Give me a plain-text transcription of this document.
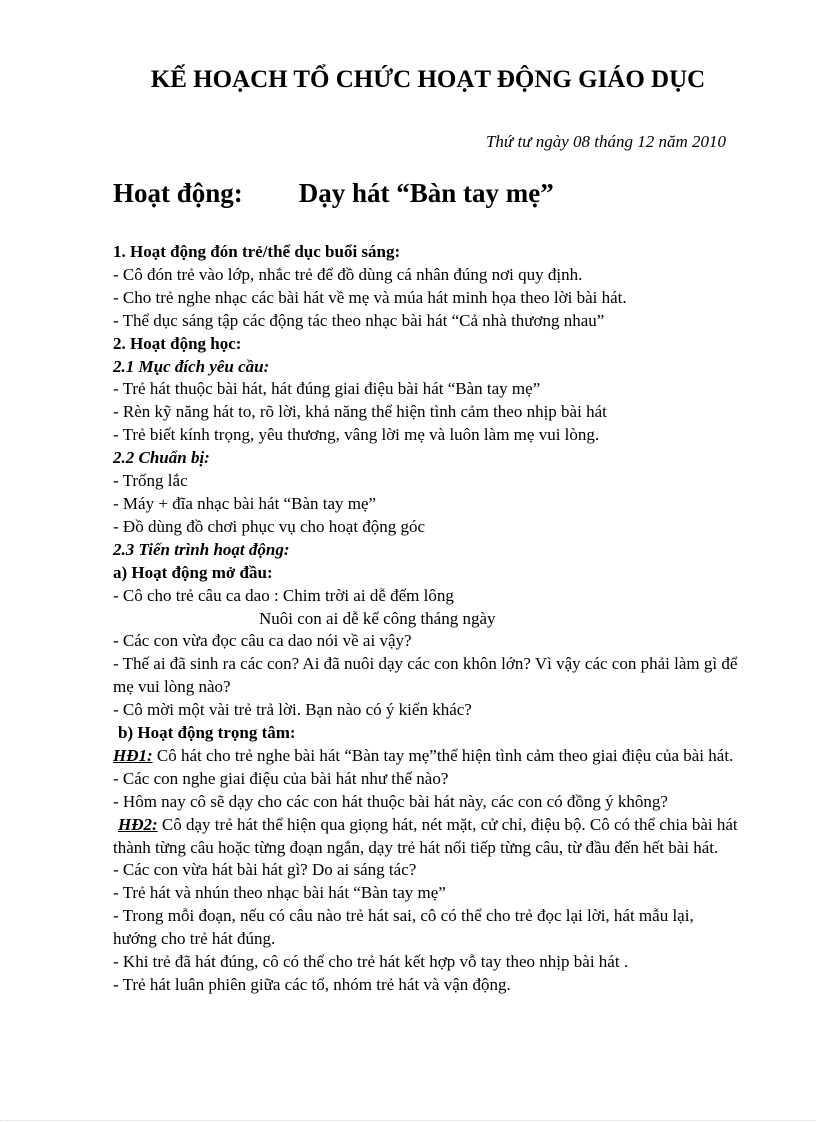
KẾ HOẠCH TỔ CHỨC HOẠT ĐỘNG GIÁO DỤC
Thứ tư ngày 08 tháng 12 năm 2010
Hoạt động: Dạy hát “Bàn tay mẹ”

1. Hoạt động đón trẻ/thể dục buổi sáng:

- Cô đón trẻ vào lớp, nhắc trẻ để đồ dùng cá nhân đúng nơi quy định.

- Cho trẻ nghe nhạc các bài hát về mẹ và múa hát minh họa theo lời bài hát.

- Thể dục sáng tập các động tác theo nhạc bài hát “Cả nhà thương nhau”

2. Hoạt động học:

2.1 Mục đích yêu cầu:

- Trẻ hát thuộc bài hát, hát đúng giai điệu bài hát “Bàn tay mẹ”

- Rèn kỹ năng hát to, rõ lời, khả năng thể hiện tình cảm theo nhịp bài hát

- Trẻ biết kính trọng, yêu thương, vâng lời mẹ và luôn làm mẹ vui lòng.

2.2 Chuẩn bị:

- Trống lắc

- Máy + đĩa nhạc bài hát “Bàn tay mẹ”

- Đồ dùng đồ chơi phục vụ cho hoạt động góc

2.3 Tiến trình hoạt động:

a) Hoạt động mở đầu:

- Cô cho trẻ câu ca dao : Chim trời ai dễ đếm lông

Nuôi con ai dễ kể công tháng ngày

- Các con vừa đọc câu ca dao nói về ai vậy?

- Thế ai đã sinh ra các con? Ai đã nuôi dạy các con khôn lớn? Vì vậy các con phải làm gì để mẹ vui lòng nào?

- Cô mời một vài trẻ trả lời. Bạn nào có ý kiến khác?

b) Hoạt động trọng tâm:

HĐ1: Cô hát cho trẻ nghe bài hát “Bàn tay mẹ”thể hiện tình cảm theo giai điệu của bài hát.

- Các con nghe giai điệu của bài hát như thế nào?

- Hôm nay cô sẽ dạy cho các con hát thuộc bài hát này, các con có đồng ý không?

HĐ2: Cô dạy trẻ hát thể hiện qua giọng hát, nét mặt, cử chỉ, điệu bộ. Cô có thể chia bài hát thành từng câu hoặc từng đoạn ngắn, dạy trẻ hát nối tiếp từng câu, từ đầu đến hết bài hát.

- Các con vừa hát bài hát gì? Do ai sáng tác?

- Trẻ hát và nhún theo nhạc bài hát “Bàn tay mẹ”

- Trong mỗi đoạn, nếu có câu nào trẻ hát sai, cô có thể cho trẻ đọc lại lời, hát mẫu lại, hướng cho trẻ hát đúng.

- Khi trẻ đã hát đúng, cô có thể cho trẻ hát kết hợp vỗ tay theo nhịp bài hát .

- Trẻ hát luân phiên giữa các tổ, nhóm trẻ hát và vận động.
